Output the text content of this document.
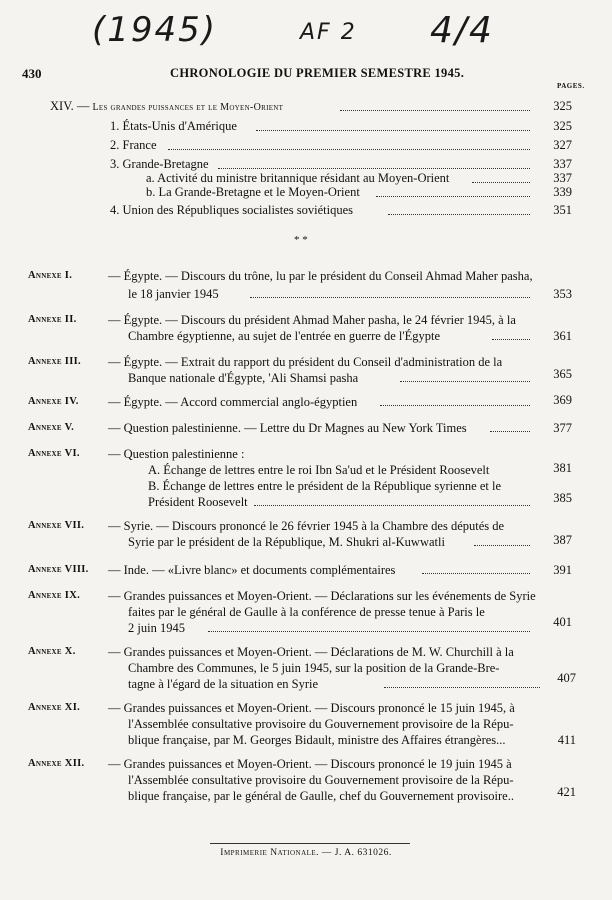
(1945)	AF 2 4/4
430	CHRONOLOGIE DU PREMIER SEMESTRE 1945.
PAGES.
XIV. — Les grandes puissances et le Moyen-Orient	325
1. États-Unis d'Amérique	325
2. France	327
3. Grande-Bretagne	337
a. Activité du ministre britannique résidant au Moyen-Orient	337
b. La Grande-Bretagne et le Moyen-Orient	339
4. Union des Républiques socialistes soviétiques	351
* *
Annexe I.	— Égypte. — Discours du trône, lu par le président du Conseil Ahmad Maher pasha,
le 18 janvier 1945	353
Annexe II.	— Égypte. — Discours du président Ahmad Maher pasha, le 24 février 1945, à la
Chambre égyptienne, au sujet de l'entrée en guerre de l'Égypte	361
Annexe III.	— Égypte. — Extrait du rapport du président du Conseil d'administration de la
Banque nationale d'Égypte, 'Ali Shamsi pasha	365
Annexe IV.	— Égypte. — Accord commercial anglo-égyptien	369
Annexe V.	— Question palestinienne. — Lettre du Dr Magnes au New York Times	377
Annexe VI.	— Question palestinienne :
A. Échange de lettres entre le roi Ibn Sa'ud et le Président Roosevelt	381
B. Échange de lettres entre le président de la République syrienne et le
Président Roosevelt	385
Annexe VII.	— Syrie. — Discours prononcé le 26 février 1945 à la Chambre des députés de
Syrie par le président de la République, M. Shukri al-Kuwwatli	387
Annexe VIII.	— Inde. — «Livre blanc» et documents complémentaires	391
Annexe IX.	— Grandes puissances et Moyen-Orient. — Déclarations sur les événements de Syrie
faites par le général de Gaulle à la conférence de presse tenue à Paris le
2 juin 1945	401
Annexe X.	— Grandes puissances et Moyen-Orient. — Déclarations de M. W. Churchill à la
Chambre des Communes, le 5 juin 1945, sur la position de la Grande-Bre-
tagne à l'égard de la situation en Syrie	407
Annexe XI.	— Grandes puissances et Moyen-Orient. — Discours prononcé le 15 juin 1945, à
l'Assemblée consultative provisoire du Gouvernement provisoire de la Répu-
blique française, par M. Georges Bidault, ministre des Affaires étrangères...	411
Annexe XII.	— Grandes puissances et Moyen-Orient. — Discours prononcé le 19 juin 1945 à
l'Assemblée consultative provisoire du Gouvernement provisoire de la Répu-
blique française, par le général de Gaulle, chef du Gouvernement provisoire..	421
Imprimerie Nationale. — J. A. 631026.
